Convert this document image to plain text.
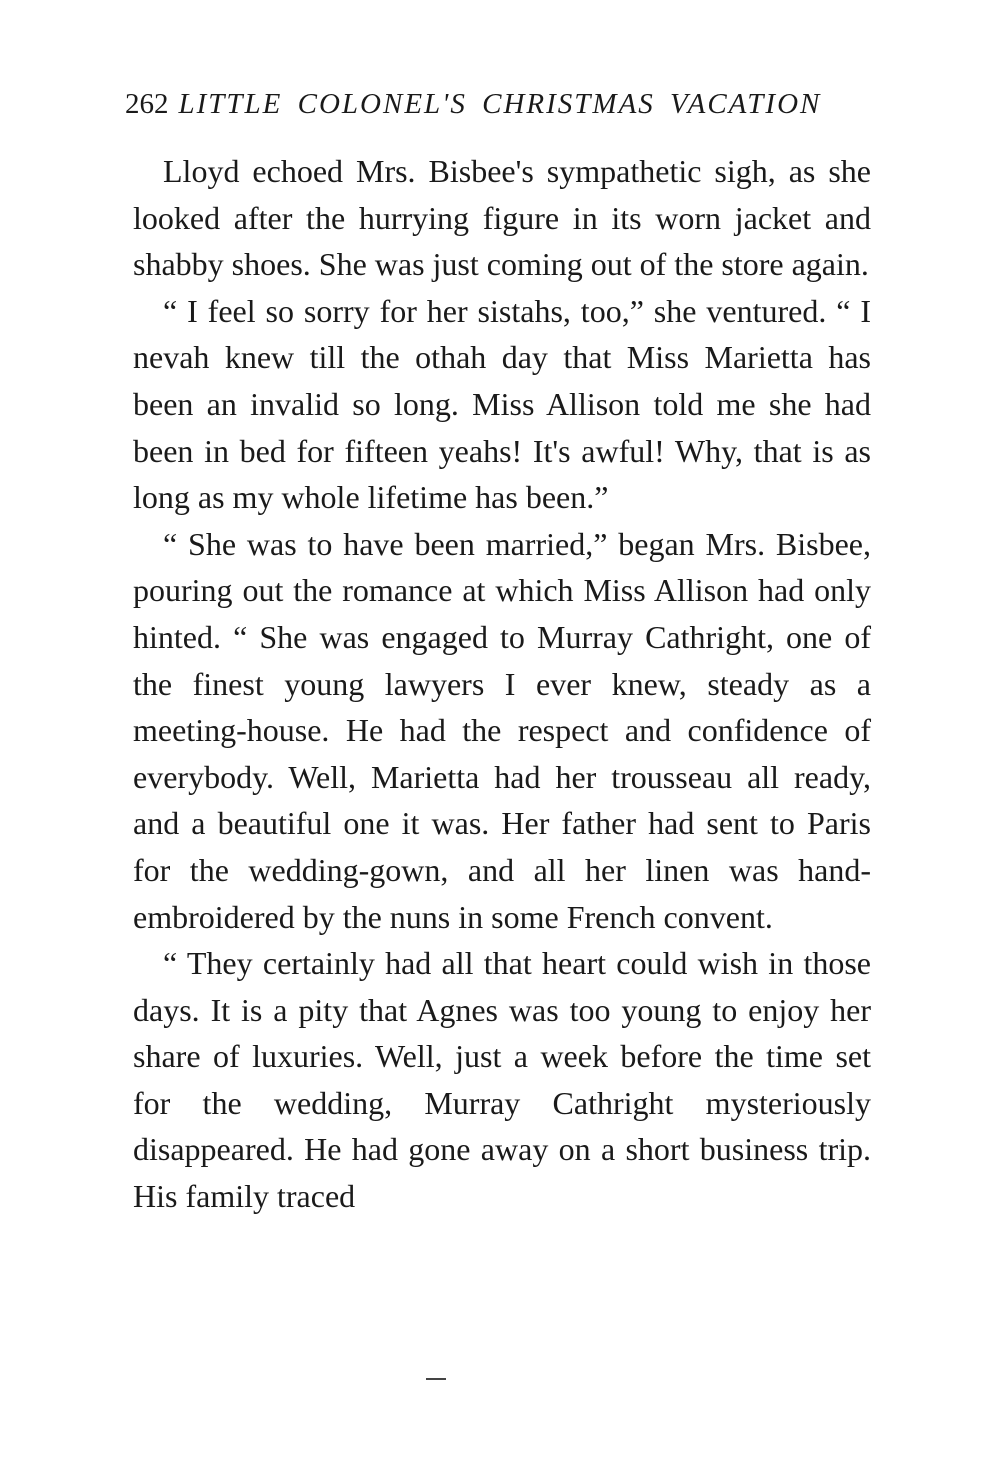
262 LITTLE COLONEL'S CHRISTMAS VACATION

Lloyd echoed Mrs. Bisbee's sympathetic sigh, as she looked after the hurrying figure in its worn jacket and shabby shoes. She was just coming out of the store again.

“ I feel so sorry for her sistahs, too,” she ventured. “ I nevah knew till the othah day that Miss Marietta has been an invalid so long. Miss Allison told me she had been in bed for fifteen yeahs! It's awful! Why, that is as long as my whole lifetime has been.”

“ She was to have been married,” began Mrs. Bisbee, pouring out the romance at which Miss Allison had only hinted. “ She was engaged to Murray Cathright, one of the finest young lawyers I ever knew, steady as a meeting-house. He had the respect and confidence of everybody. Well, Marietta had her trousseau all ready, and a beautiful one it was. Her father had sent to Paris for the wedding-gown, and all her linen was hand-embroidered by the nuns in some French convent.

“ They certainly had all that heart could wish in those days. It is a pity that Agnes was too young to enjoy her share of luxuries. Well, just a week before the time set for the wedding, Murray Cathright mysteriously disappeared. He had gone away on a short business trip. His family traced
